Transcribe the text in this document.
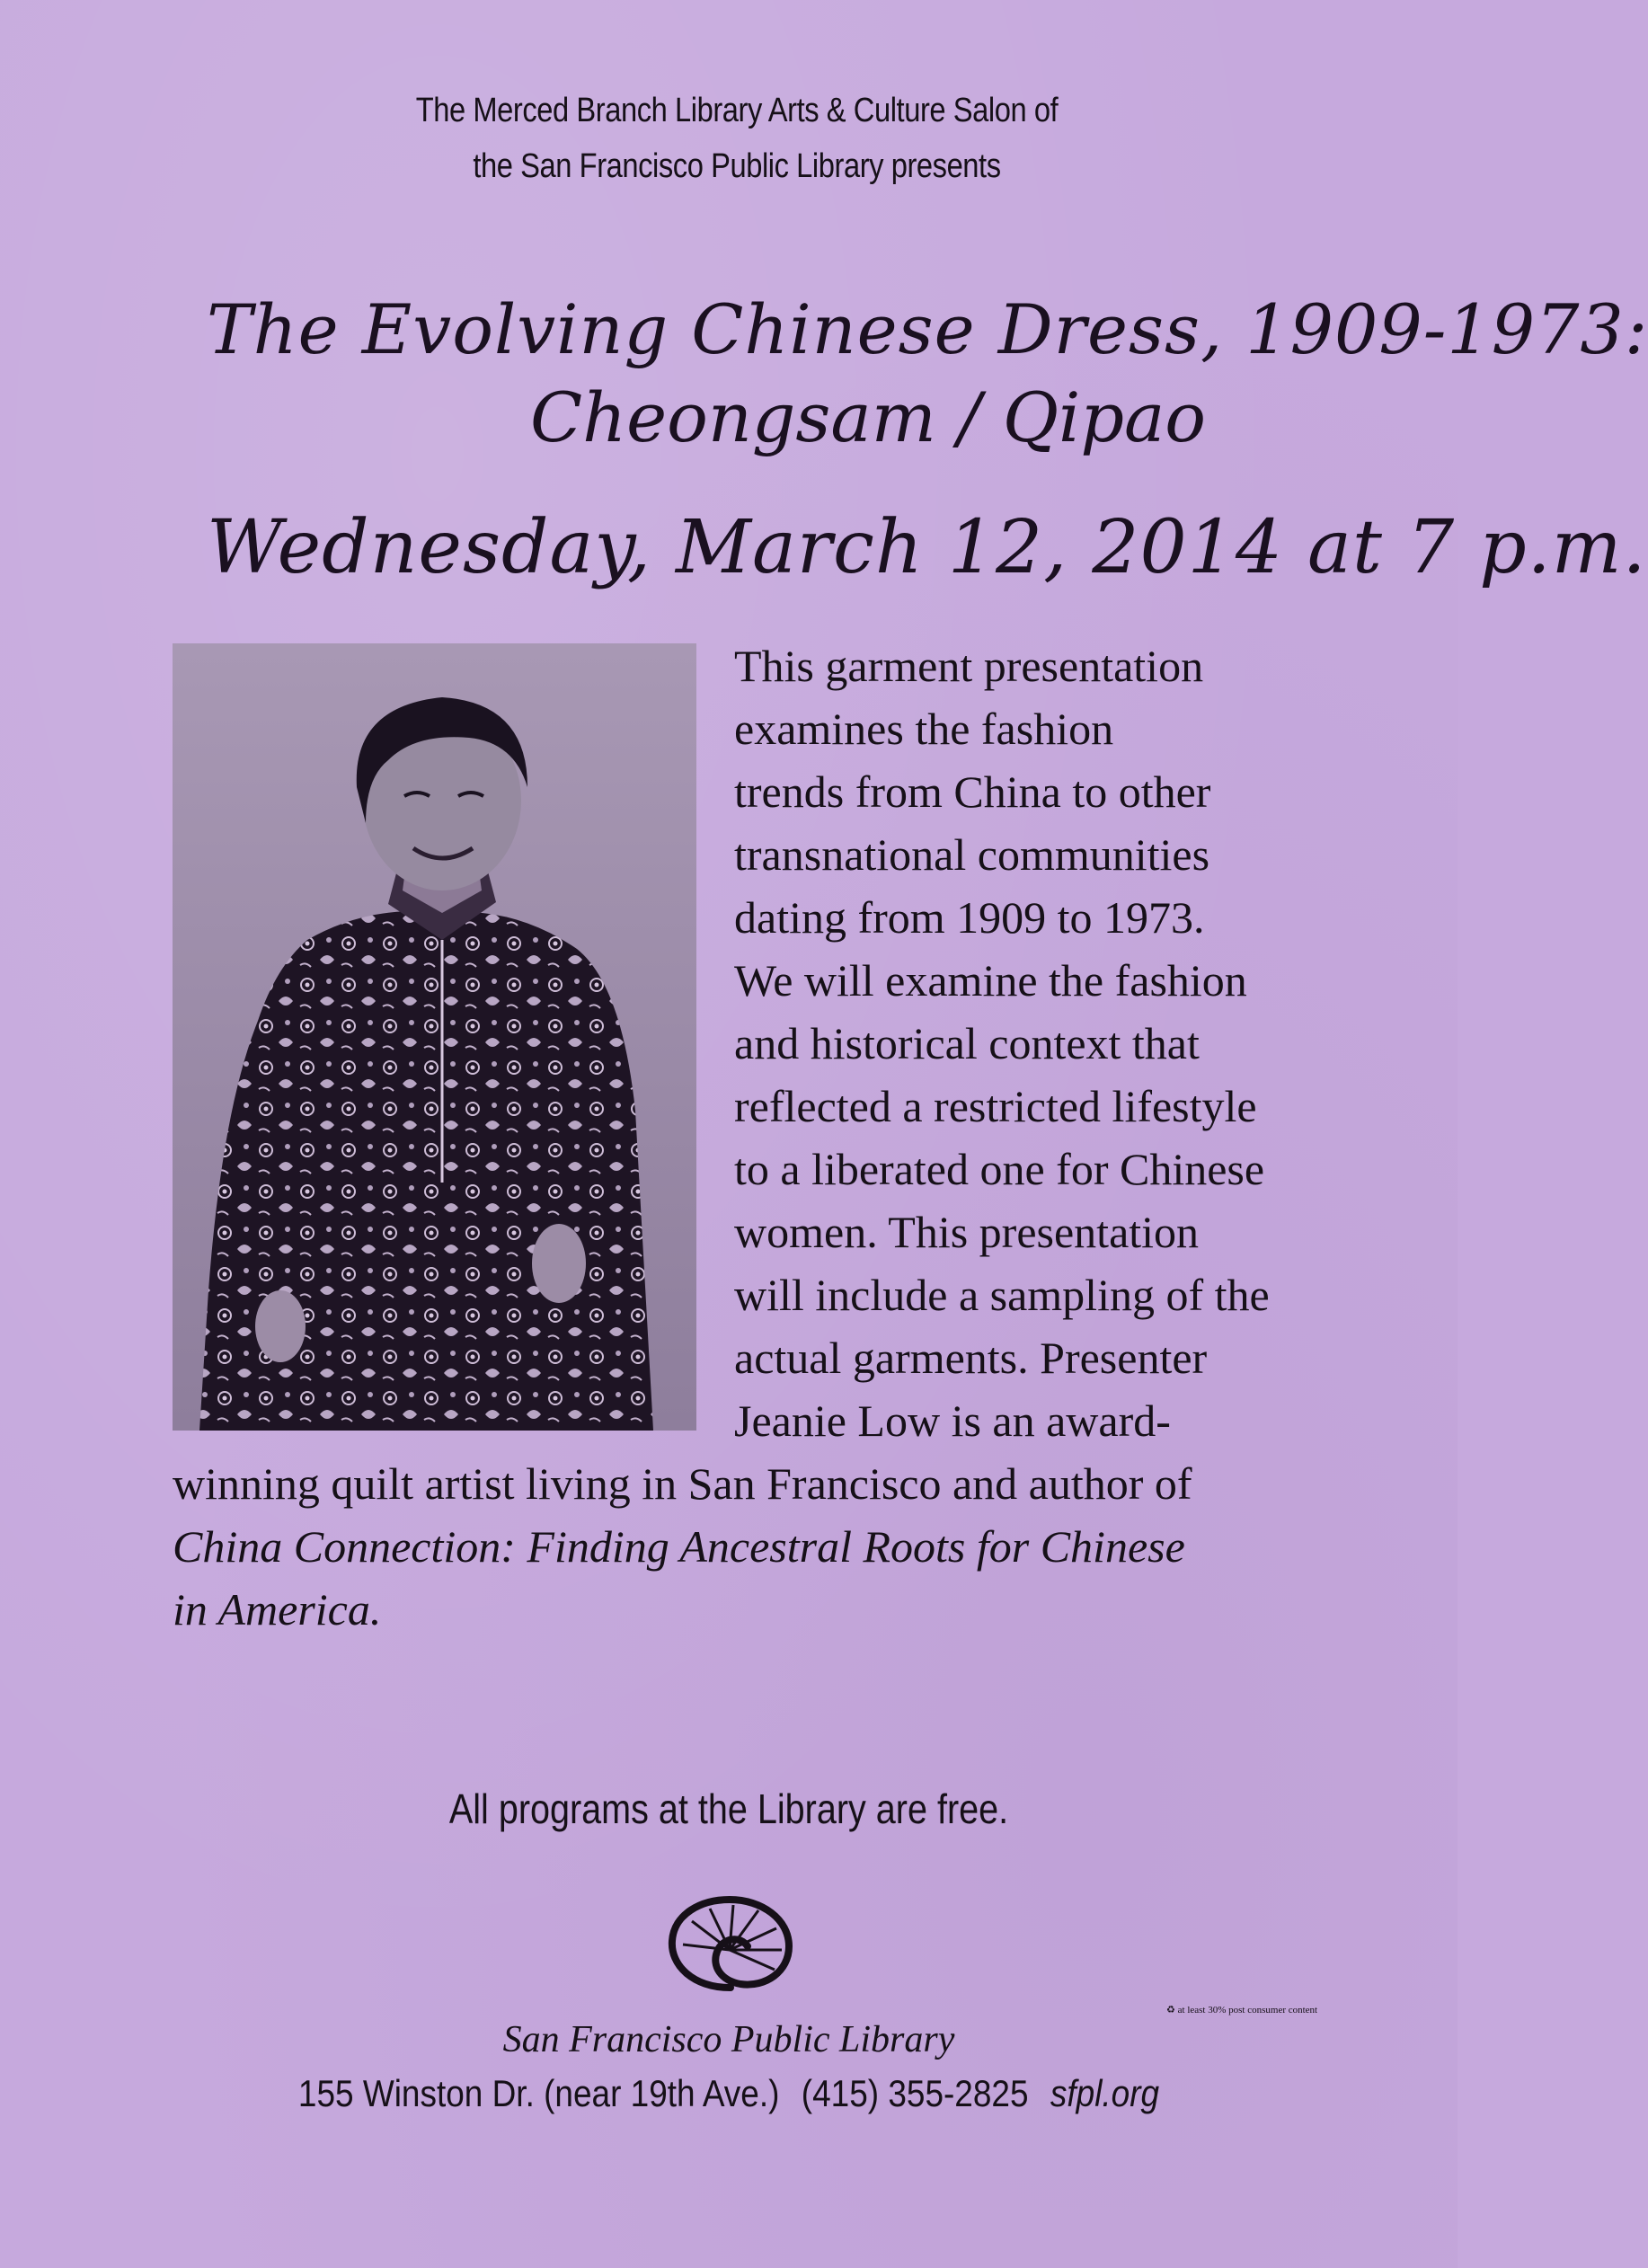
The Merced Branch Library Arts & Culture Salon of
the San Francisco Public Library presents
The Evolving Chinese Dress, 1909-1973:
Cheongsam / Qipao
Wednesday, March 12, 2014 at 7 p.m.
This garment presentation
examines the fashion
trends from China to other
transnational communities
dating from 1909 to 1973.
We will examine the fashion
and historical context that
reflected a restricted lifestyle
to a liberated one for Chinese
women. This presentation
will include a sampling of the
actual garments. Presenter
Jeanie Low is an award-
winning quilt artist living in San Francisco and author of
China Connection: Finding Ancestral Roots for Chinese
in America.
All programs at the Library are free.
♻ at least 30% post consumer content
San Francisco Public Library
155 Winston Dr. (near 19th Ave.) (415) 355-2825 sfpl.org
